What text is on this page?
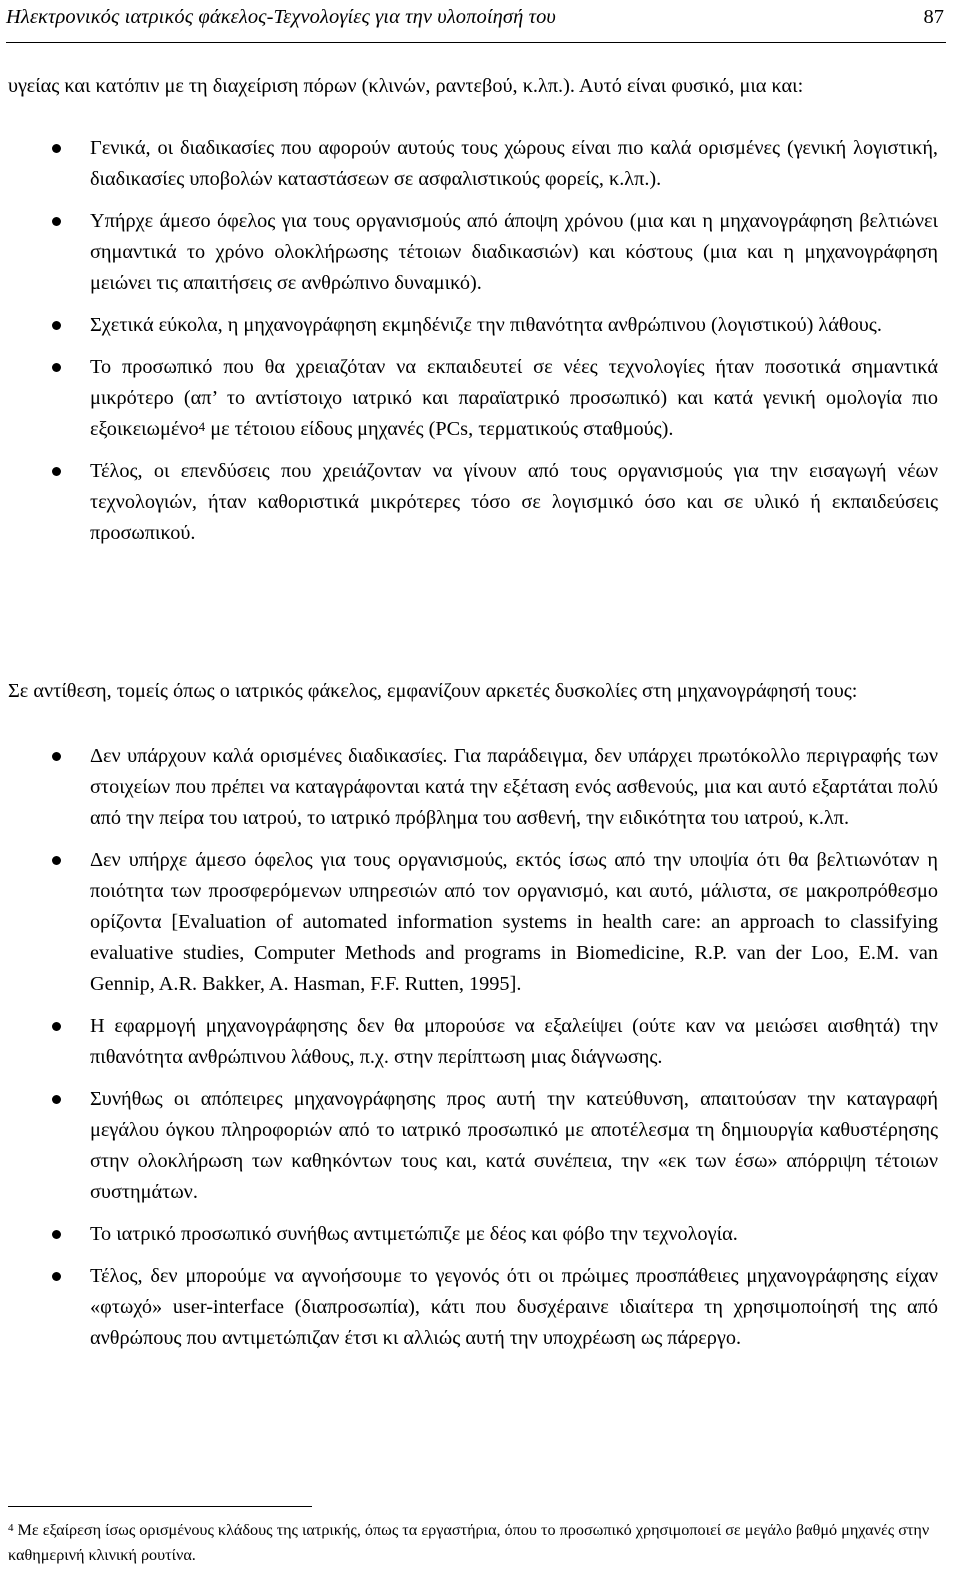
Ηλεκτρονικός ιατρικός φάκελος-Τεχνολογίες για την υλοποίησή του	87

υγείας και κατόπιν με τη διαχείριση πόρων (κλινών, ραντεβού, κ.λπ.). Αυτό είναι φυσικό, μια και:

Γενικά, οι διαδικασίες που αφορούν αυτούς τους χώρους είναι πιο καλά ορισμένες (γενική λογιστική, διαδικασίες υποβολών καταστάσεων σε ασφαλιστικούς φορείς, κ.λπ.).
Υπήρχε άμεσο όφελος για τους οργανισμούς από άποψη χρόνου (μια και η μηχανογράφηση βελτιώνει σημαντικά το χρόνο ολοκλήρωσης τέτοιων διαδικασιών) και κόστους (μια και η μηχανογράφηση μειώνει τις απαιτήσεις σε ανθρώπινο δυναμικό).
Σχετικά εύκολα, η μηχανογράφηση εκμηδένιζε την πιθανότητα ανθρώπινου (λογιστικού) λάθους.
Το προσωπικό που θα χρειαζόταν να εκπαιδευτεί σε νέες τεχνολογίες ήταν ποσοτικά σημαντικά μικρότερο (απ’ το αντίστοιχο ιατρικό και παραϊατρικό προσωπικό) και κατά γενική ομολογία πιο εξοικειωμένο$^4$ με τέτοιου είδους μηχανές (PCs, τερματικούς σταθμούς).
Τέλος, οι επενδύσεις που χρειάζονταν να γίνουν από τους οργανισμούς για την εισαγωγή νέων τεχνολογιών, ήταν καθοριστικά μικρότερες τόσο σε λογισμικό όσο και σε υλικό ή εκπαιδεύσεις προσωπικού.

Σε αντίθεση, τομείς όπως ο ιατρικός φάκελος, εμφανίζουν αρκετές δυσκολίες στη μηχανογράφησή τους:

Δεν υπάρχουν καλά ορισμένες διαδικασίες. Για παράδειγμα, δεν υπάρχει πρωτόκολλο περιγραφής των στοιχείων που πρέπει να καταγράφονται κατά την εξέταση ενός ασθενούς, μια και αυτό εξαρτάται πολύ από την πείρα του ιατρού, το ιατρικό πρόβλημα του ασθενή, την ειδικότητα του ιατρού, κ.λπ.
Δεν υπήρχε άμεσο όφελος για τους οργανισμούς, εκτός ίσως από την υποψία ότι θα βελτιωνόταν η ποιότητα των προσφερόμενων υπηρεσιών από τον οργανισμό, και αυτό, μάλιστα, σε μακροπρόθεσμο ορίζοντα [Evaluation of automated information systems in health care: an approach to classifying evaluative studies, Computer Methods and programs in Biomedicine, R.P. van der Loo, E.M. van Gennip, A.R. Bakker, A. Hasman, F.F. Rutten, 1995].
Η εφαρμογή μηχανογράφησης δεν θα μπορούσε να εξαλείψει (ούτε καν να μειώσει αισθητά) την πιθανότητα ανθρώπινου λάθους, π.χ. στην περίπτωση μιας διάγνωσης.
Συνήθως οι απόπειρες μηχανογράφησης προς αυτή την κατεύθυνση, απαιτούσαν την καταγραφή μεγάλου όγκου πληροφοριών από το ιατρικό προσωπικό με αποτέλεσμα τη δημιουργία καθυστέρησης στην ολοκλήρωση των καθηκόντων τους και, κατά συνέπεια, την «εκ των έσω» απόρριψη τέτοιων συστημάτων.
Το ιατρικό προσωπικό συνήθως αντιμετώπιζε με δέος και φόβο την τεχνολογία.
Τέλος, δεν μπορούμε να αγνοήσουμε το γεγονός ότι οι πρώιμες προσπάθειες μηχανογράφησης είχαν «φτωχό» user-interface (διαπροσωπία), κάτι που δυσχέραινε ιδιαίτερα τη χρησιμοποίησή της από ανθρώπους που αντιμετώπιζαν έτσι κι αλλιώς αυτή την υποχρέωση ως πάρεργο.
$^4$ Με εξαίρεση ίσως ορισμένους κλάδους της ιατρικής, όπως τα εργαστήρια, όπου το προσωπικό χρησιμοποιεί σε μεγάλο βαθμό μηχανές στην καθημερινή κλινική ρουτίνα.
